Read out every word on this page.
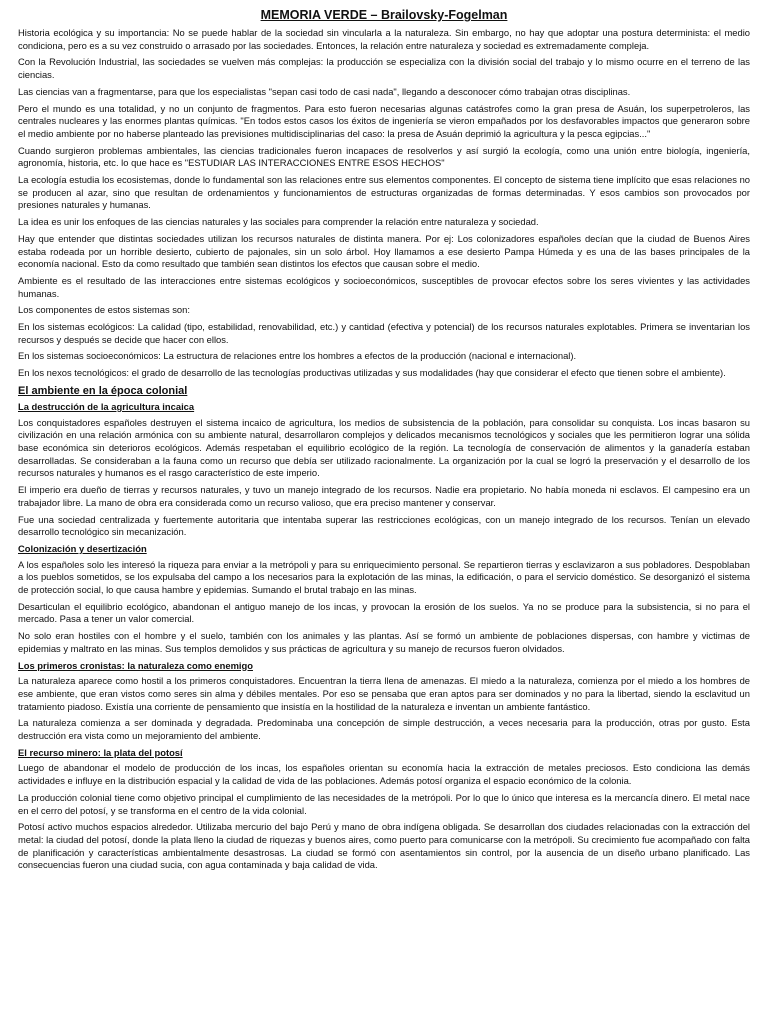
MEMORIA VERDE – Brailovsky-Fogelman

Historia ecológica y su importancia: No se puede hablar de la sociedad sin vincularla a la naturaleza. Sin embargo, no hay que adoptar una postura determinista: el medio condiciona, pero es a su vez construido o arrasado por las sociedades. Entonces, la relación entre naturaleza y sociedad es extremadamente compleja.

Con la Revolución Industrial, las sociedades se vuelven más complejas: la producción se especializa con la división social del trabajo y lo mismo ocurre en el terreno de las ciencias.

Las ciencias van a fragmentarse, para que los especialistas "sepan casi todo de casi nada", llegando a desconocer cómo trabajan otras disciplinas.

Pero el mundo es una totalidad, y no un conjunto de fragmentos. Para esto fueron necesarias algunas catástrofes como la gran presa de Asuán, los superpetroleros, las centrales nucleares y las enormes plantas químicas. "En todos estos casos los éxitos de ingeniería se vieron empañados por los desfavorables impactos que generaron sobre el medio ambiente por no haberse planteado las previsiones multidisciplinarias del caso: la presa de Asuán deprimió la agricultura y la pesca egipcias..."

Cuando surgieron problemas ambientales, las ciencias tradicionales fueron incapaces de resolverlos y así surgió la ecología, como una unión entre biología, ingeniería, agronomía, historia, etc. lo que hace es "ESTUDIAR LAS INTERACCIONES ENTRE ESOS HECHOS"

La ecología estudia los ecosistemas, donde lo fundamental son las relaciones entre sus elementos componentes. El concepto de sistema tiene implícito que esas relaciones no se producen al azar, sino que resultan de ordenamientos y funcionamientos de estructuras organizadas de formas determinadas. Y esos cambios son provocados por presiones naturales y humanas.

La idea es unir los enfoques de las ciencias naturales y las sociales para comprender la relación entre naturaleza y sociedad.

Hay que entender que distintas sociedades utilizan los recursos naturales de distinta manera. Por ej: Los colonizadores españoles decían que la ciudad de Buenos Aires estaba rodeada por un horrible desierto, cubierto de pajonales, sin un solo árbol. Hoy llamamos a ese desierto Pampa Húmeda y es una de las bases principales de la economía nacional. Esto da como resultado que también sean distintos los efectos que causan sobre el medio.

Ambiente es el resultado de las interacciones entre sistemas ecológicos y socioeconómicos, susceptibles de provocar efectos sobre los seres vivientes y las actividades humanas.

Los componentes de estos sistemas son:

En los sistemas ecológicos: La calidad (tipo, estabilidad, renovabilidad, etc.) y cantidad (efectiva y potencial) de los recursos naturales explotables. Primera se inventarian los recursos y después se decide que hacer con ellos.

En los sistemas socioeconómicos: La estructura de relaciones entre los hombres a efectos de la producción (nacional e internacional).

En los nexos tecnológicos: el grado de desarrollo de las tecnologías productivas utilizadas y sus modalidades (hay que considerar el efecto que tienen sobre el ambiente).

El ambiente en la época colonial
La destrucción de la agricultura incaica

Los conquistadores españoles destruyen el sistema incaico de agricultura, los medios de subsistencia de la población, para consolidar su conquista. Los incas basaron su civilización en una relación armónica con su ambiente natural, desarrollaron complejos y delicados mecanismos tecnológicos y sociales que les permitieron lograr una sólida base económica sin deterioros ecológicos. Además respetaban el equilibrio ecológico de la región. La tecnología de conservación de alimentos y la ganadería estaban desarrolladas. Se consideraban a la fauna como un recurso que debía ser utilizado racionalmente. La organización por la cual se logró la preservación y el desarrollo de los recursos naturales y humanos es el rasgo característico de este imperio.

El imperio era dueño de tierras y recursos naturales, y tuvo un manejo integrado de los recursos. Nadie era propietario. No había moneda ni esclavos. El campesino era un trabajador libre. La mano de obra era considerada como un recurso valioso, que era preciso mantener y conservar.

Fue una sociedad centralizada y fuertemente autoritaria que intentaba superar las restricciones ecológicas, con un manejo integrado de los recursos. Tenían un elevado desarrollo tecnológico sin mecanización.

Colonización y desertización

A los españoles solo les interesó la riqueza para enviar a la metrópoli y para su enriquecimiento personal. Se repartieron tierras y esclavizaron a sus pobladores. Despoblaban a los pueblos sometidos, se los expulsaba del campo a los necesarios para la explotación de las minas, la edificación, o para el servicio doméstico. Se desorganizó el sistema de protección social, lo que causa hambre y epidemias. Sumando el brutal trabajo en las minas.

Desarticulan el equilibrio ecológico, abandonan el antiguo manejo de los incas, y provocan la erosión de los suelos. Ya no se produce para la subsistencia, si no para el mercado. Pasa a tener un valor comercial.

No solo eran hostiles con el hombre y el suelo, también con los animales y las plantas. Así se formó un ambiente de poblaciones dispersas, con hambre y victimas de epidemias y maltrato en las minas. Sus templos demolidos y sus prácticas de agricultura y su manejo de recursos fueron olvidados.

Los primeros cronistas: la naturaleza como enemigo

La naturaleza aparece como hostil a los primeros conquistadores. Encuentran la tierra llena de amenazas. El miedo a la naturaleza, comienza por el miedo a los hombres de ese ambiente, que eran vistos como seres sin alma y débiles mentales. Por eso se pensaba que eran aptos para ser dominados y no para la libertad, siendo la esclavitud un tratamiento piadoso. Existía una corriente de pensamiento que insistía en la hostilidad de la naturaleza e inventan un ambiente fantástico.

La naturaleza comienza a ser dominada y degradada. Predominaba una concepción de simple destrucción, a veces necesaria para la producción, otras por gusto. Esta destrucción era vista como un mejoramiento del ambiente.

El recurso minero: la plata del potosí

Luego de abandonar el modelo de producción de los incas, los españoles orientan su economía hacia la extracción de metales preciosos. Esto condiciona las demás actividades e influye en la distribución espacial y la calidad de vida de las poblaciones. Además potosí organiza el espacio económico de la colonia.

La producción colonial tiene como objetivo principal el cumplimiento de las necesidades de la metrópoli. Por lo que lo único que interesa es la mercancía dinero. El metal nace en el cerro del potosí, y se transforma en el centro de la vida colonial.

Potosí activo muchos espacios alrededor. Utilizaba mercurio del bajo Perú y mano de obra indígena obligada. Se desarrollan dos ciudades relacionadas con la extracción del metal: la ciudad del potosí, donde la plata lleno la ciudad de riquezas y buenos aires, como puerto para comunicarse con la metrópoli. Su crecimiento fue acompañado con falta de planificación y características ambientalmente desastrosas. La ciudad se formó con asentamientos sin control, por la ausencia de un diseño urbano planificado. Las consecuencias fueron una ciudad sucia, con agua contaminada y baja calidad de vida.
